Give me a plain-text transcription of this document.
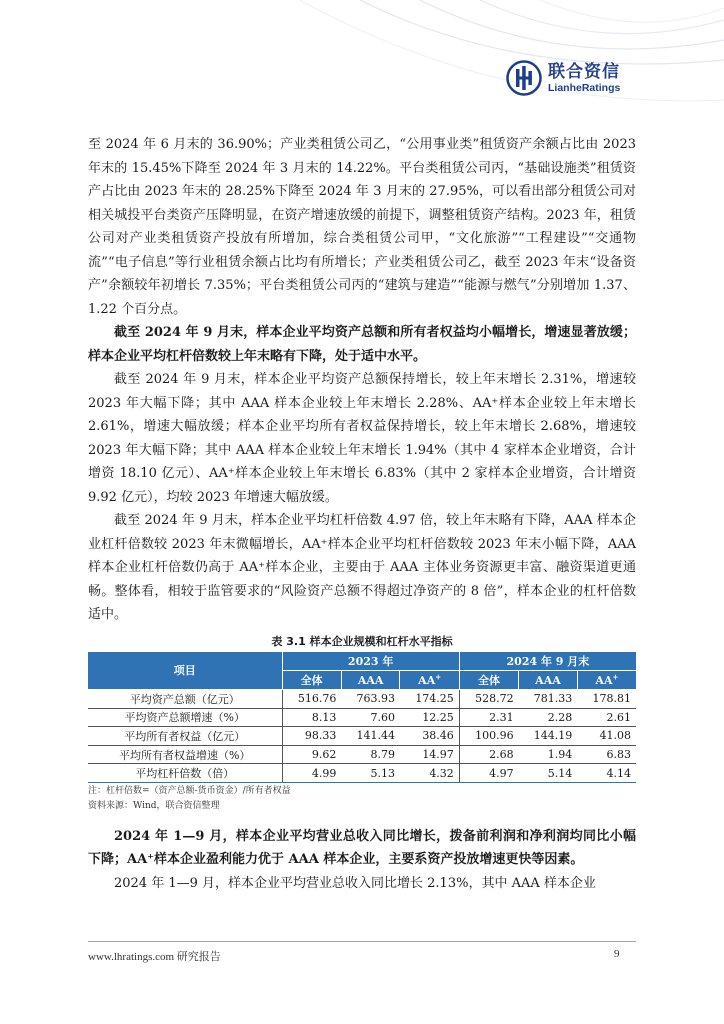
联合资信
LianheRatings

至 2024 年 6 月末的 36.90%；产业类租赁公司乙，“公用事业类”租赁资产余额占比由 2023 年末的 15.45%下降至 2024 年 3 月末的 14.22%。平台类租赁公司丙，“基础设施类”租赁资产占比由 2023 年末的 28.25%下降至 2024 年 3 月末的 27.95%，可以看出部分租赁公司对相关城投平台类资产压降明显，在资产增速放缓的前提下，调整租赁资产结构。2023 年，租赁公司对产业类租赁资产投放有所增加，综合类租赁公司甲，“文化旅游”“工程建设”“交通物流”“电子信息”等行业租赁余额占比均有所增长；产业类租赁公司乙，截至 2023 年末“设备资产”余额较年初增长 7.35%；平台类租赁公司丙的“建筑与建造”“能源与燃气”分别增加 1.37、1.22 个百分点。

截至 2024 年 9 月末，样本企业平均资产总额和所有者权益均小幅增长，增速显著放缓；样本企业平均杠杆倍数较上年末略有下降，处于适中水平。

截至 2024 年 9 月末，样本企业平均资产总额保持增长，较上年末增长 2.31%，增速较 2023 年大幅下降；其中 AAA 样本企业较上年末增长 2.28%、AA⁺样本企业较上年末增长 2.61%，增速大幅放缓；样本企业平均所有者权益保持增长，较上年末增长 2.68%，增速较 2023 年大幅下降；其中 AAA 样本企业较上年末增长 1.94%（其中 4 家样本企业增资，合计增资 18.10 亿元）、AA⁺样本企业较上年末增长 6.83%（其中 2 家样本企业增资，合计增资 9.92 亿元），均较 2023 年增速大幅放缓。

截至 2024 年 9 月末，样本企业平均杠杆倍数 4.97 倍，较上年末略有下降，AAA 样本企业杠杆倍数较 2023 年末微幅增长，AA⁺样本企业平均杠杆倍数较 2023 年末小幅下降，AAA 样本企业杠杆倍数仍高于 AA⁺样本企业，主要由于 AAA 主体业务资源更丰富、融资渠道更通畅。整体看，相较于监管要求的“风险资产总额不得超过净资产的 8 倍”，样本企业的杠杆倍数适中。

表 3.1 样本企业规模和杠杆水平指标
项目	2023 年			2024 年 9 月末		
	全体	AAA	AA+	全体	AAA	AA+
平均资产总额（亿元）	516.76	763.93	174.25	528.72	781.33	178.81
平均资产总额增速（%）	8.13	7.60	12.25	2.31	2.28	2.61
平均所有者权益（亿元）	98.33	141.44	38.46	100.96	144.19	41.08
平均所有者权益增速（%）	9.62	8.79	14.97	2.68	1.94	6.83
平均杠杆倍数（倍）	4.99	5.13	4.32	4.97	5.14	4.14
注：杠杆倍数=（资产总额-货币资金）/所有者权益
资料来源：Wind，联合资信整理

2024 年 1—9 月，样本企业平均营业总收入同比增长，拨备前利润和净利润均同比小幅下降；AA⁺样本企业盈利能力优于 AAA 样本企业，主要系资产投放增速更快等因素。

2024 年 1—9 月，样本企业平均营业总收入同比增长 2.13%，其中 AAA 样本企业

www.lhratings.com 研究报告	9
